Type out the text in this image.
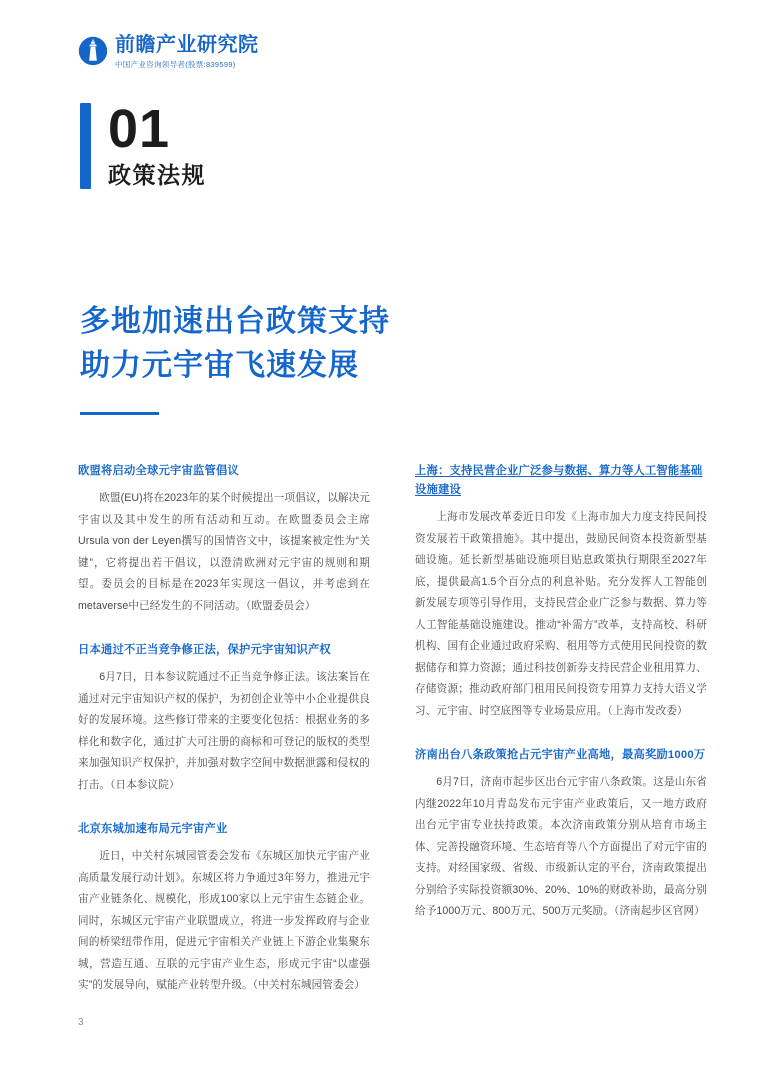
前瞻产业研究院
中国产业咨询领导者(股票:839599)
01
政策法规
多地加速出台政策支持
助力元宇宙飞速发展
欧盟将启动全球元宇宙监管倡议
欧盟(EU)将在2023年的某个时候提出一项倡议，以解决元宇宙以及其中发生的所有活动和互动。在欧盟委员会主席Ursula von der Leyen撰写的国情咨文中，该提案被定性为“关键”，它将提出若干倡议，以澄清欧洲对元宇宙的规则和期望。委员会的目标是在2023年实现这一倡议，并考虑到在metaverse中已经发生的不同活动。（欧盟委员会）
日本通过不正当竞争修正法，保护元宇宙知识产权
6月7日，日本参议院通过不正当竞争修正法。该法案旨在通过对元宇宙知识产权的保护，为初创企业等中小企业提供良好的发展环境。这些修订带来的主要变化包括：根据业务的多样化和数字化，通过扩大可注册的商标和可登记的版权的类型来加强知识产权保护，并加强对数字空间中数据泄露和侵权的打击。（日本参议院）
北京东城加速布局元宇宙产业
近日，中关村东城园管委会发布《东城区加快元宇宙产业高质量发展行动计划》。东城区将力争通过3年努力，推进元宇宙产业链条化、规模化，形成100家以上元宇宙生态链企业。同时，东城区元宇宙产业联盟成立，将进一步发挥政府与企业间的桥梁纽带作用，促进元宇宙相关产业链上下游企业集聚东城，营造互通、互联的元宇宙产业生态，形成元宇宙“以虚强实”的发展导向，赋能产业转型升级。（中关村东城园管委会）
上海：支持民营企业广泛参与数据、算力等人工智能基础设施建设
上海市发展改革委近日印发《上海市加大力度支持民间投资发展若干政策措施》。其中提出，鼓励民间资本投资新型基础设施。延长新型基础设施项目贴息政策执行期限至2027年底，提供最高1.5个百分点的利息补贴。充分发挥人工智能创新发展专项等引导作用，支持民营企业广泛参与数据、算力等人工智能基础设施建设。推动“补需方”改革，支持高校、科研机构、国有企业通过政府采购、租用等方式使用民间投资的数据储存和算力资源；通过科技创新券支持民营企业租用算力、存储资源；推动政府部门租用民间投资专用算力支持大语义学习、元宇宙、时空底图等专业场景应用。（上海市发改委）
济南出台八条政策抢占元宇宙产业高地，最高奖励1000万
6月7日，济南市起步区出台元宇宙八条政策。这是山东省内继2022年10月青岛发布元宇宙产业政策后，又一地方政府出台元宇宙专业扶持政策。本次济南政策分别从培育市场主体、完善投融资环境、生态培育等八个方面提出了对元宇宙的支持。对经国家级、省级、市级新认定的平台，济南政策提出分别给予实际投资额30%、20%、10%的财政补助，最高分别给予1000万元、800万元、500万元奖励。（济南起步区官网）
3
